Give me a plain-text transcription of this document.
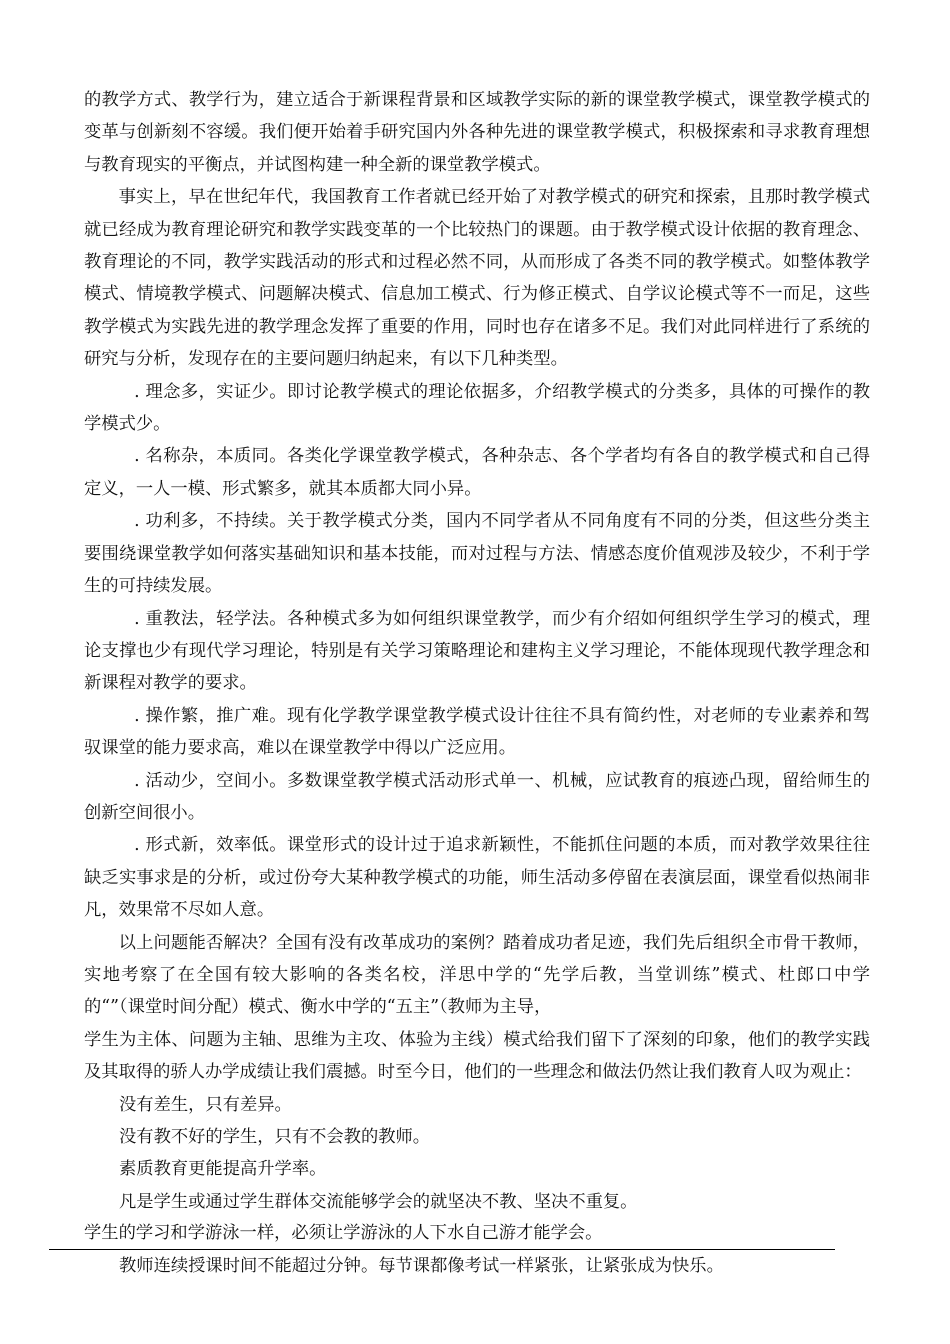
的教学方式、教学行为，建立适合于新课程背景和区域教学实际的新的课堂教学模式，课堂教学模式的变革与创新刻不容缓。我们便开始着手研究国内外各种先进的课堂教学模式，积极探索和寻求教育理想与教育现实的平衡点，并试图构建一种全新的课堂教学模式。

事实上，早在世纪年代，我国教育工作者就已经开始了对教学模式的研究和探索，且那时教学模式就已经成为教育理论研究和教学实践变革的一个比较热门的课题。由于教学模式设计依据的教育理念、教育理论的不同，教学实践活动的形式和过程必然不同，从而形成了各类不同的教学模式。如整体教学模式、情境教学模式、问题解决模式、信息加工模式、行为修正模式、自学议论模式等不一而足，这些教学模式为实践先进的教学理念发挥了重要的作用，同时也存在诸多不足。我们对此同样进行了系统的研究与分析，发现存在的主要问题归纳起来，有以下几种类型。

. 理念多，实证少。即讨论教学模式的理论依据多，介绍教学模式的分类多，具体的可操作的教学模式少。

. 名称杂，本质同。各类化学课堂教学模式，各种杂志、各个学者均有各自的教学模式和自己得定义，一人一模、形式繁多，就其本质都大同小异。

. 功利多，不持续。关于教学模式分类，国内不同学者从不同角度有不同的分类，但这些分类主要围绕课堂教学如何落实基础知识和基本技能，而对过程与方法、情感态度价值观涉及较少，不利于学生的可持续发展。

. 重教法，轻学法。各种模式多为如何组织课堂教学，而少有介绍如何组织学生学习的模式，理论支撑也少有现代学习理论，特别是有关学习策略理论和建构主义学习理论，不能体现现代教学理念和新课程对教学的要求。

. 操作繁，推广难。现有化学教学课堂教学模式设计往往不具有简约性，对老师的专业素养和驾驭课堂的能力要求高，难以在课堂教学中得以广泛应用。

. 活动少，空间小。多数课堂教学模式活动形式单一、机械，应试教育的痕迹凸现，留给师生的创新空间很小。

. 形式新，效率低。课堂形式的设计过于追求新颖性，不能抓住问题的本质，而对教学效果往往缺乏实事求是的分析，或过份夸大某种教学模式的功能，师生活动多停留在表演层面，课堂看似热闹非凡，效果常不尽如人意。

以上问题能否解决？全国有没有改革成功的案例？踏着成功者足迹，我们先后组织全市骨干教师，实地考察了在全国有较大影响的各类名校，洋思中学的“先学后教，当堂训练”模式、杜郎口中学的“”（课堂时间分配）模式、衡水中学的“五主”（教师为主导，

学生为主体、问题为主轴、思维为主攻、体验为主线）模式给我们留下了深刻的印象，他们的教学实践及其取得的骄人办学成绩让我们震撼。时至今日，他们的一些理念和做法仍然让我们教育人叹为观止：

没有差生，只有差异。
没有教不好的学生，只有不会教的教师。
素质教育更能提高升学率。
凡是学生或通过学生群体交流能够学会的就坚决不教、坚决不重复。
学生的学习和学游泳一样，必须让学游泳的人下水自己游才能学会。
教师连续授课时间不能超过分钟。每节课都像考试一样紧张，让紧张成为快乐。
